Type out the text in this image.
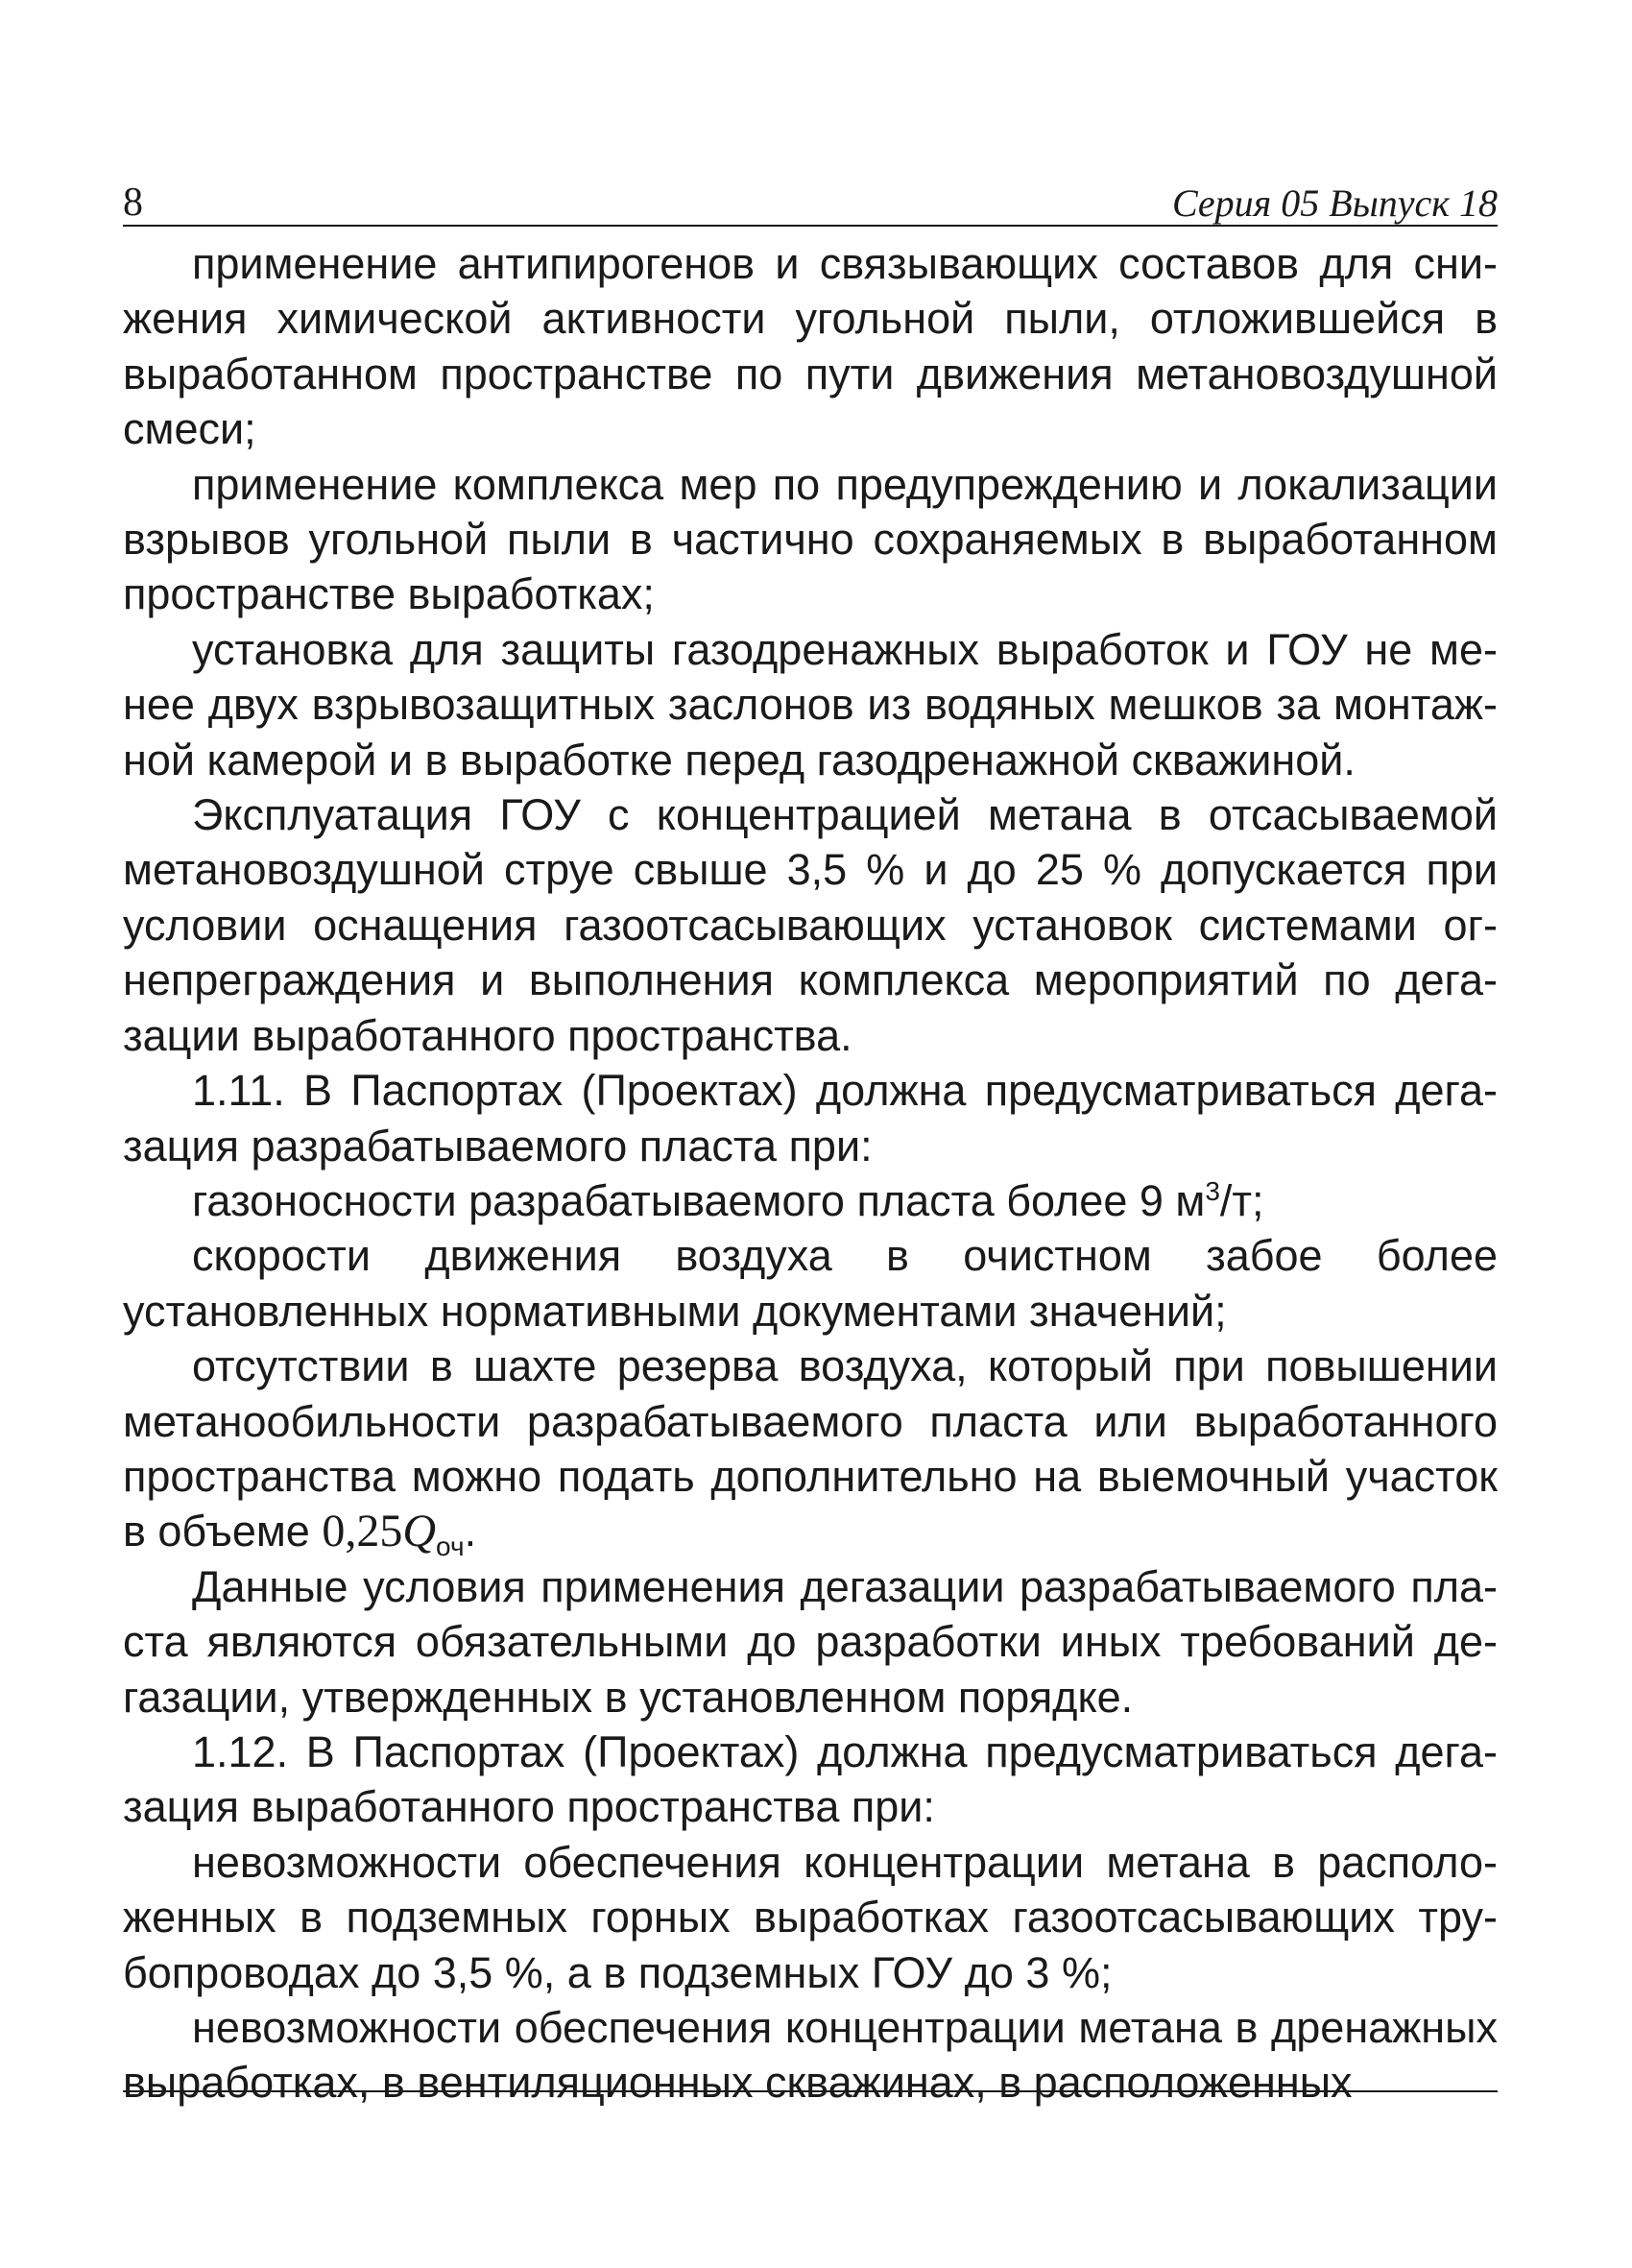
8	Серия 05 Выпуск 18

применение антипирогенов и связывающих составов для снижения химической активности угольной пыли, отложившейся в выработанном пространстве по пути движения метановоздушной смеси;

применение комплекса мер по предупреждению и локализации взрывов угольной пыли в частично сохраняемых в выработанном пространстве выработках;

установка для защиты газодренажных выработок и ГОУ не менее двух взрывозащитных заслонов из водяных мешков за монтажной камерой и в выработке перед газодренажной скважиной.

Эксплуатация ГОУ с концентрацией метана в отсасываемой метановоздушной струе свыше 3,5 % и до 25 % допускается при условии оснащения газоотсасывающих установок системами огнепреграждения и выполнения комплекса мероприятий по дегазации выработанного пространства.

1.11. В Паспортах (Проектах) должна предусматриваться дегазация разрабатываемого пласта при:

газоносности разрабатываемого пласта более 9 $м^3/т$;

скорости движения воздуха в очистном забое более установленных нормативными документами значений;

отсутствии в шахте резерва воздуха, который при повышении метанообильности разрабатываемого пласта или выработанного пространства можно подать дополнительно на выемочный участок в объеме $0,25Q_{оч}$.

Данные условия применения дегазации разрабатываемого пласта являются обязательными до разработки иных требований дегазации, утвержденных в установленном порядке.

1.12. В Паспортах (Проектах) должна предусматриваться дегазация выработанного пространства при:

невозможности обеспечения концентрации метана в расположенных в подземных горных выработках газоотсасывающих трубопроводах до 3,5 %, а в подземных ГОУ до 3 %;

невозможности обеспечения концентрации метана в дренажных выработках, в вентиляционных скважинах, в расположенных
